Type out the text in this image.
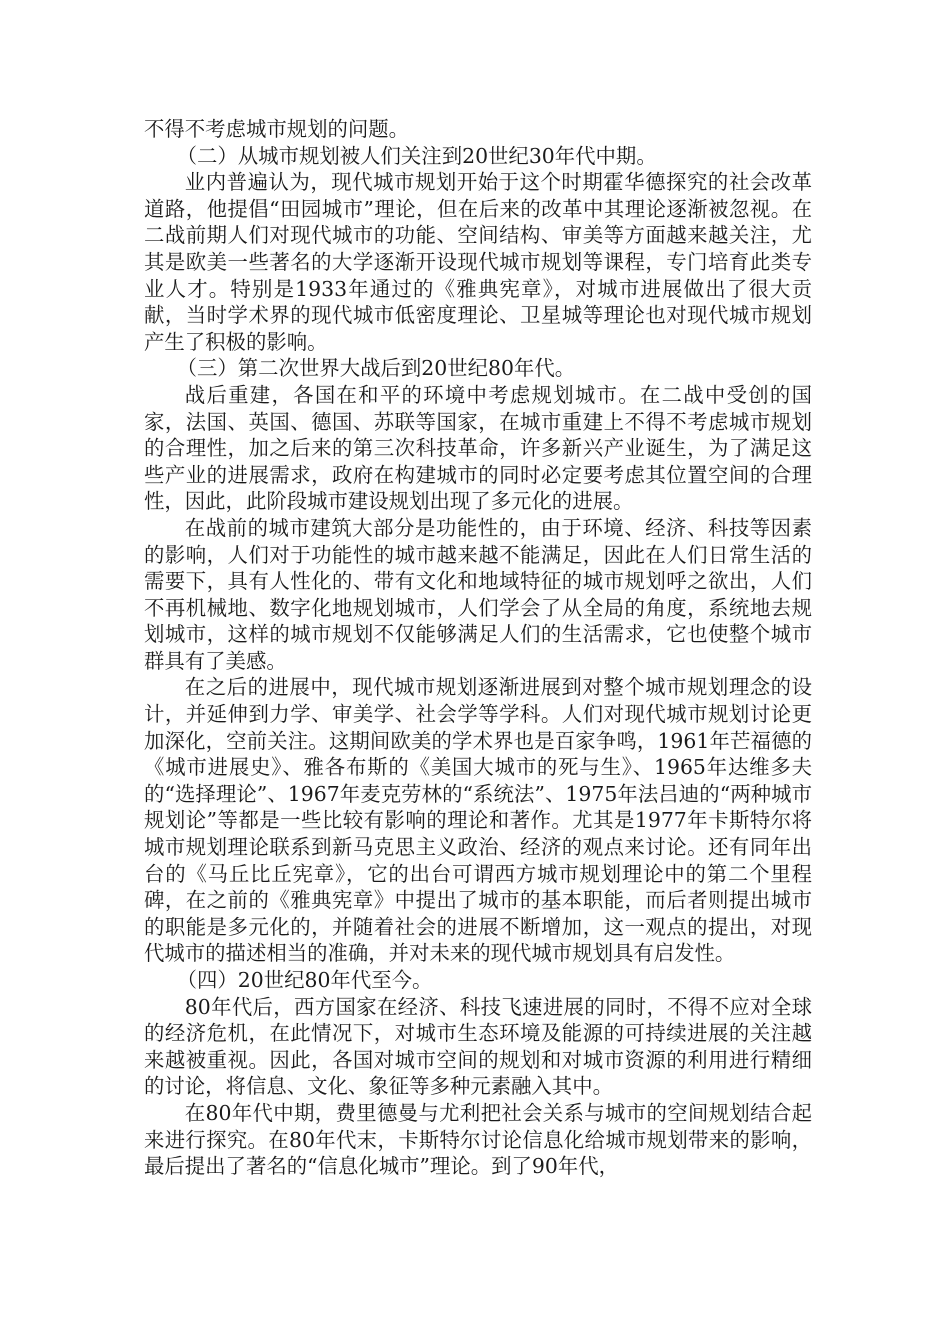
不得不考虑城市规划的问题。

（二）从城市规划被人们关注到20世纪30年代中期。

业内普遍认为，现代城市规划开始于这个时期霍华德探究的社会改革道路，他提倡“田园城市”理论，但在后来的改革中其理论逐渐被忽视。在二战前期人们对现代城市的功能、空间结构、审美等方面越来越关注，尤其是欧美一些著名的大学逐渐开设现代城市规划等课程，专门培育此类专业人才。特别是1933年通过的《雅典宪章》，对城市进展做出了很大贡献，当时学术界的现代城市低密度理论、卫星城等理论也对现代城市规划产生了积极的影响。

（三）第二次世界大战后到20世纪80年代。

战后重建，各国在和平的环境中考虑规划城市。在二战中受创的国家，法国、英国、德国、苏联等国家，在城市重建上不得不考虑城市规划的合理性，加之后来的第三次科技革命，许多新兴产业诞生，为了满足这些产业的进展需求，政府在构建城市的同时必定要考虑其位置空间的合理性，因此，此阶段城市建设规划出现了多元化的进展。

在战前的城市建筑大部分是功能性的，由于环境、经济、科技等因素的影响，人们对于功能性的城市越来越不能满足，因此在人们日常生活的需要下，具有人性化的、带有文化和地域特征的城市规划呼之欲出，人们不再机械地、数字化地规划城市，人们学会了从全局的角度，系统地去规划城市，这样的城市规划不仅能够满足人们的生活需求，它也使整个城市群具有了美感。

在之后的进展中，现代城市规划逐渐进展到对整个城市规划理念的设计，并延伸到力学、审美学、社会学等学科。人们对现代城市规划讨论更加深化，空前关注。这期间欧美的学术界也是百家争鸣，1961年芒福德的《城市进展史》、雅各布斯的《美国大城市的死与生》、1965年达维多夫的“选择理论”、1967年麦克劳林的“系统法”、1975年法吕迪的“两种城市规划论”等都是一些比较有影响的理论和著作。尤其是1977年卡斯特尔将城市规划理论联系到新马克思主义政治、经济的观点来讨论。还有同年出台的《马丘比丘宪章》，它的出台可谓西方城市规划理论中的第二个里程碑，在之前的《雅典宪章》中提出了城市的基本职能，而后者则提出城市的职能是多元化的，并随着社会的进展不断增加，这一观点的提出，对现代城市的描述相当的准确，并对未来的现代城市规划具有启发性。

（四）20世纪80年代至今。

80年代后，西方国家在经济、科技飞速进展的同时，不得不应对全球的经济危机，在此情况下，对城市生态环境及能源的可持续进展的关注越来越被重视。因此，各国对城市空间的规划和对城市资源的利用进行精细的讨论，将信息、文化、象征等多种元素融入其中。

在80年代中期，费里德曼与尤利把社会关系与城市的空间规划结合起来进行探究。在80年代末，卡斯特尔讨论信息化给城市规划带来的影响，最后提出了著名的“信息化城市”理论。到了90年代，
